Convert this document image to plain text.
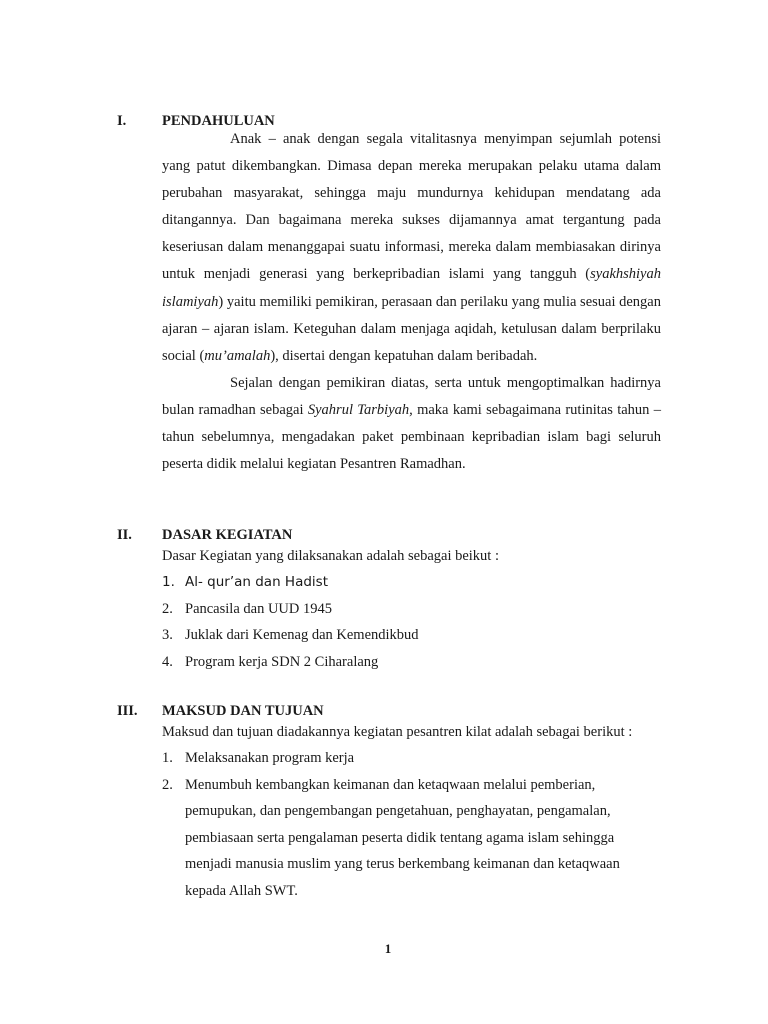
I. PENDAHULUAN

Anak – anak dengan segala vitalitasnya menyimpan sejumlah potensi yang patut dikembangkan. Dimasa depan mereka merupakan pelaku utama dalam perubahan masyarakat, sehingga maju mundurnya kehidupan mendatang ada ditangannya. Dan bagaimana mereka sukses dijamannya amat tergantung pada keseriusan dalam menanggapai suatu informasi, mereka dalam membiasakan dirinya untuk menjadi generasi yang berkepribadian islami yang tangguh (syakhshiyah islamiyah) yaitu memiliki pemikiran, perasaan dan perilaku yang mulia sesuai dengan ajaran – ajaran islam. Keteguhan dalam menjaga aqidah, ketulusan dalam berprilaku social (mu’amalah), disertai dengan kepatuhan dalam beribadah.

Sejalan dengan pemikiran diatas, serta untuk mengoptimalkan hadirnya bulan ramadhan sebagai Syahrul Tarbiyah, maka kami sebagaimana rutinitas tahun – tahun sebelumnya, mengadakan paket pembinaan kepribadian islam bagi seluruh peserta didik melalui kegiatan Pesantren Ramadhan.

II. DASAR KEGIATAN

Dasar Kegiatan yang dilaksanakan adalah sebagai beikut :

1. Al- qur’an dan Hadist
2. Pancasila dan UUD 1945
3. Juklak dari Kemenag dan Kemendikbud
4. Program kerja SDN 2 Ciharalang
III. MAKSUD DAN TUJUAN

Maksud dan tujuan diadakannya kegiatan pesantren kilat adalah sebagai berikut :

1. Melaksanakan program kerja
2. Menumbuh kembangkan keimanan dan ketaqwaan melalui pemberian, pemupukan, dan pengembangan pengetahuan, penghayatan, pengamalan, pembiasaan serta pengalaman peserta didik tentang agama islam sehingga menjadi manusia muslim yang terus berkembang keimanan dan ketaqwaan kepada Allah SWT.
1
